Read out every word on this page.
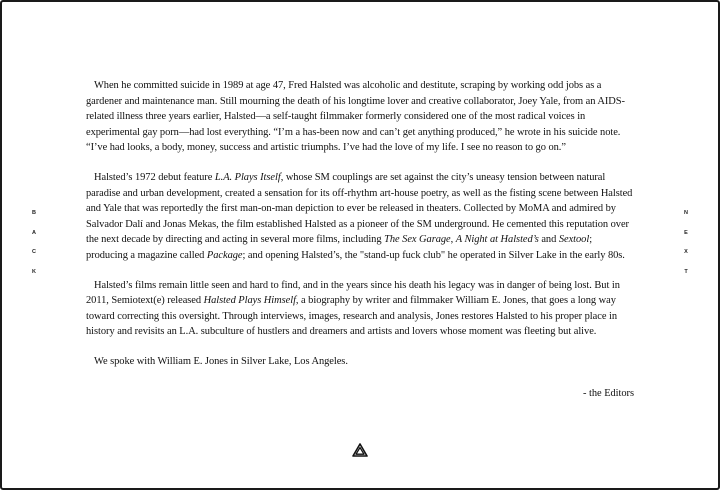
B
A
C
K
N
E
X
T

When he committed suicide in 1989 at age 47, Fred Halsted was alcoholic and destitute, scraping by working odd jobs as a gardener and maintenance man. Still mourning the death of his longtime lover and creative collaborator, Joey Yale, from an AIDS-related illness three years earlier, Halsted—a self-taught filmmaker formerly considered one of the most radical voices in experimental gay porn—had lost everything. “I’m a has-been now and can’t get anything produced,” he wrote in his suicide note. “I’ve had looks, a body, money, success and artistic triumphs. I’ve had the love of my life. I see no reason to go on.”

Halsted’s 1972 debut feature L.A. Plays Itself, whose SM couplings are set against the city’s uneasy tension between natural paradise and urban development, created a sensation for its off-rhythm art-house poetry, as well as the fisting scene between Halsted and Yale that was reportedly the first man-on-man depiction to ever be released in theaters. Collected by MoMA and admired by Salvador Dalí and Jonas Mekas, the film established Halsted as a pioneer of the SM underground. He cemented this reputation over the next decade by directing and acting in several more films, including The Sex Garage, A Night at Halsted’s and Sextool; producing a magazine called Package; and opening Halsted’s, the "stand-up fuck club" he operated in Silver Lake in the early 80s.

Halsted’s films remain little seen and hard to find, and in the years since his death his legacy was in danger of being lost. But in 2011, Semiotext(e) released Halsted Plays Himself, a biography by writer and filmmaker William E. Jones, that goes a long way toward correcting this oversight. Through interviews, images, research and analysis, Jones restores Halsted to his proper place in history and revisits an L.A. subculture of hustlers and dreamers and artists and lovers whose moment was fleeting but alive.

We spoke with William E. Jones in Silver Lake, Los Angeles.

- the Editors
